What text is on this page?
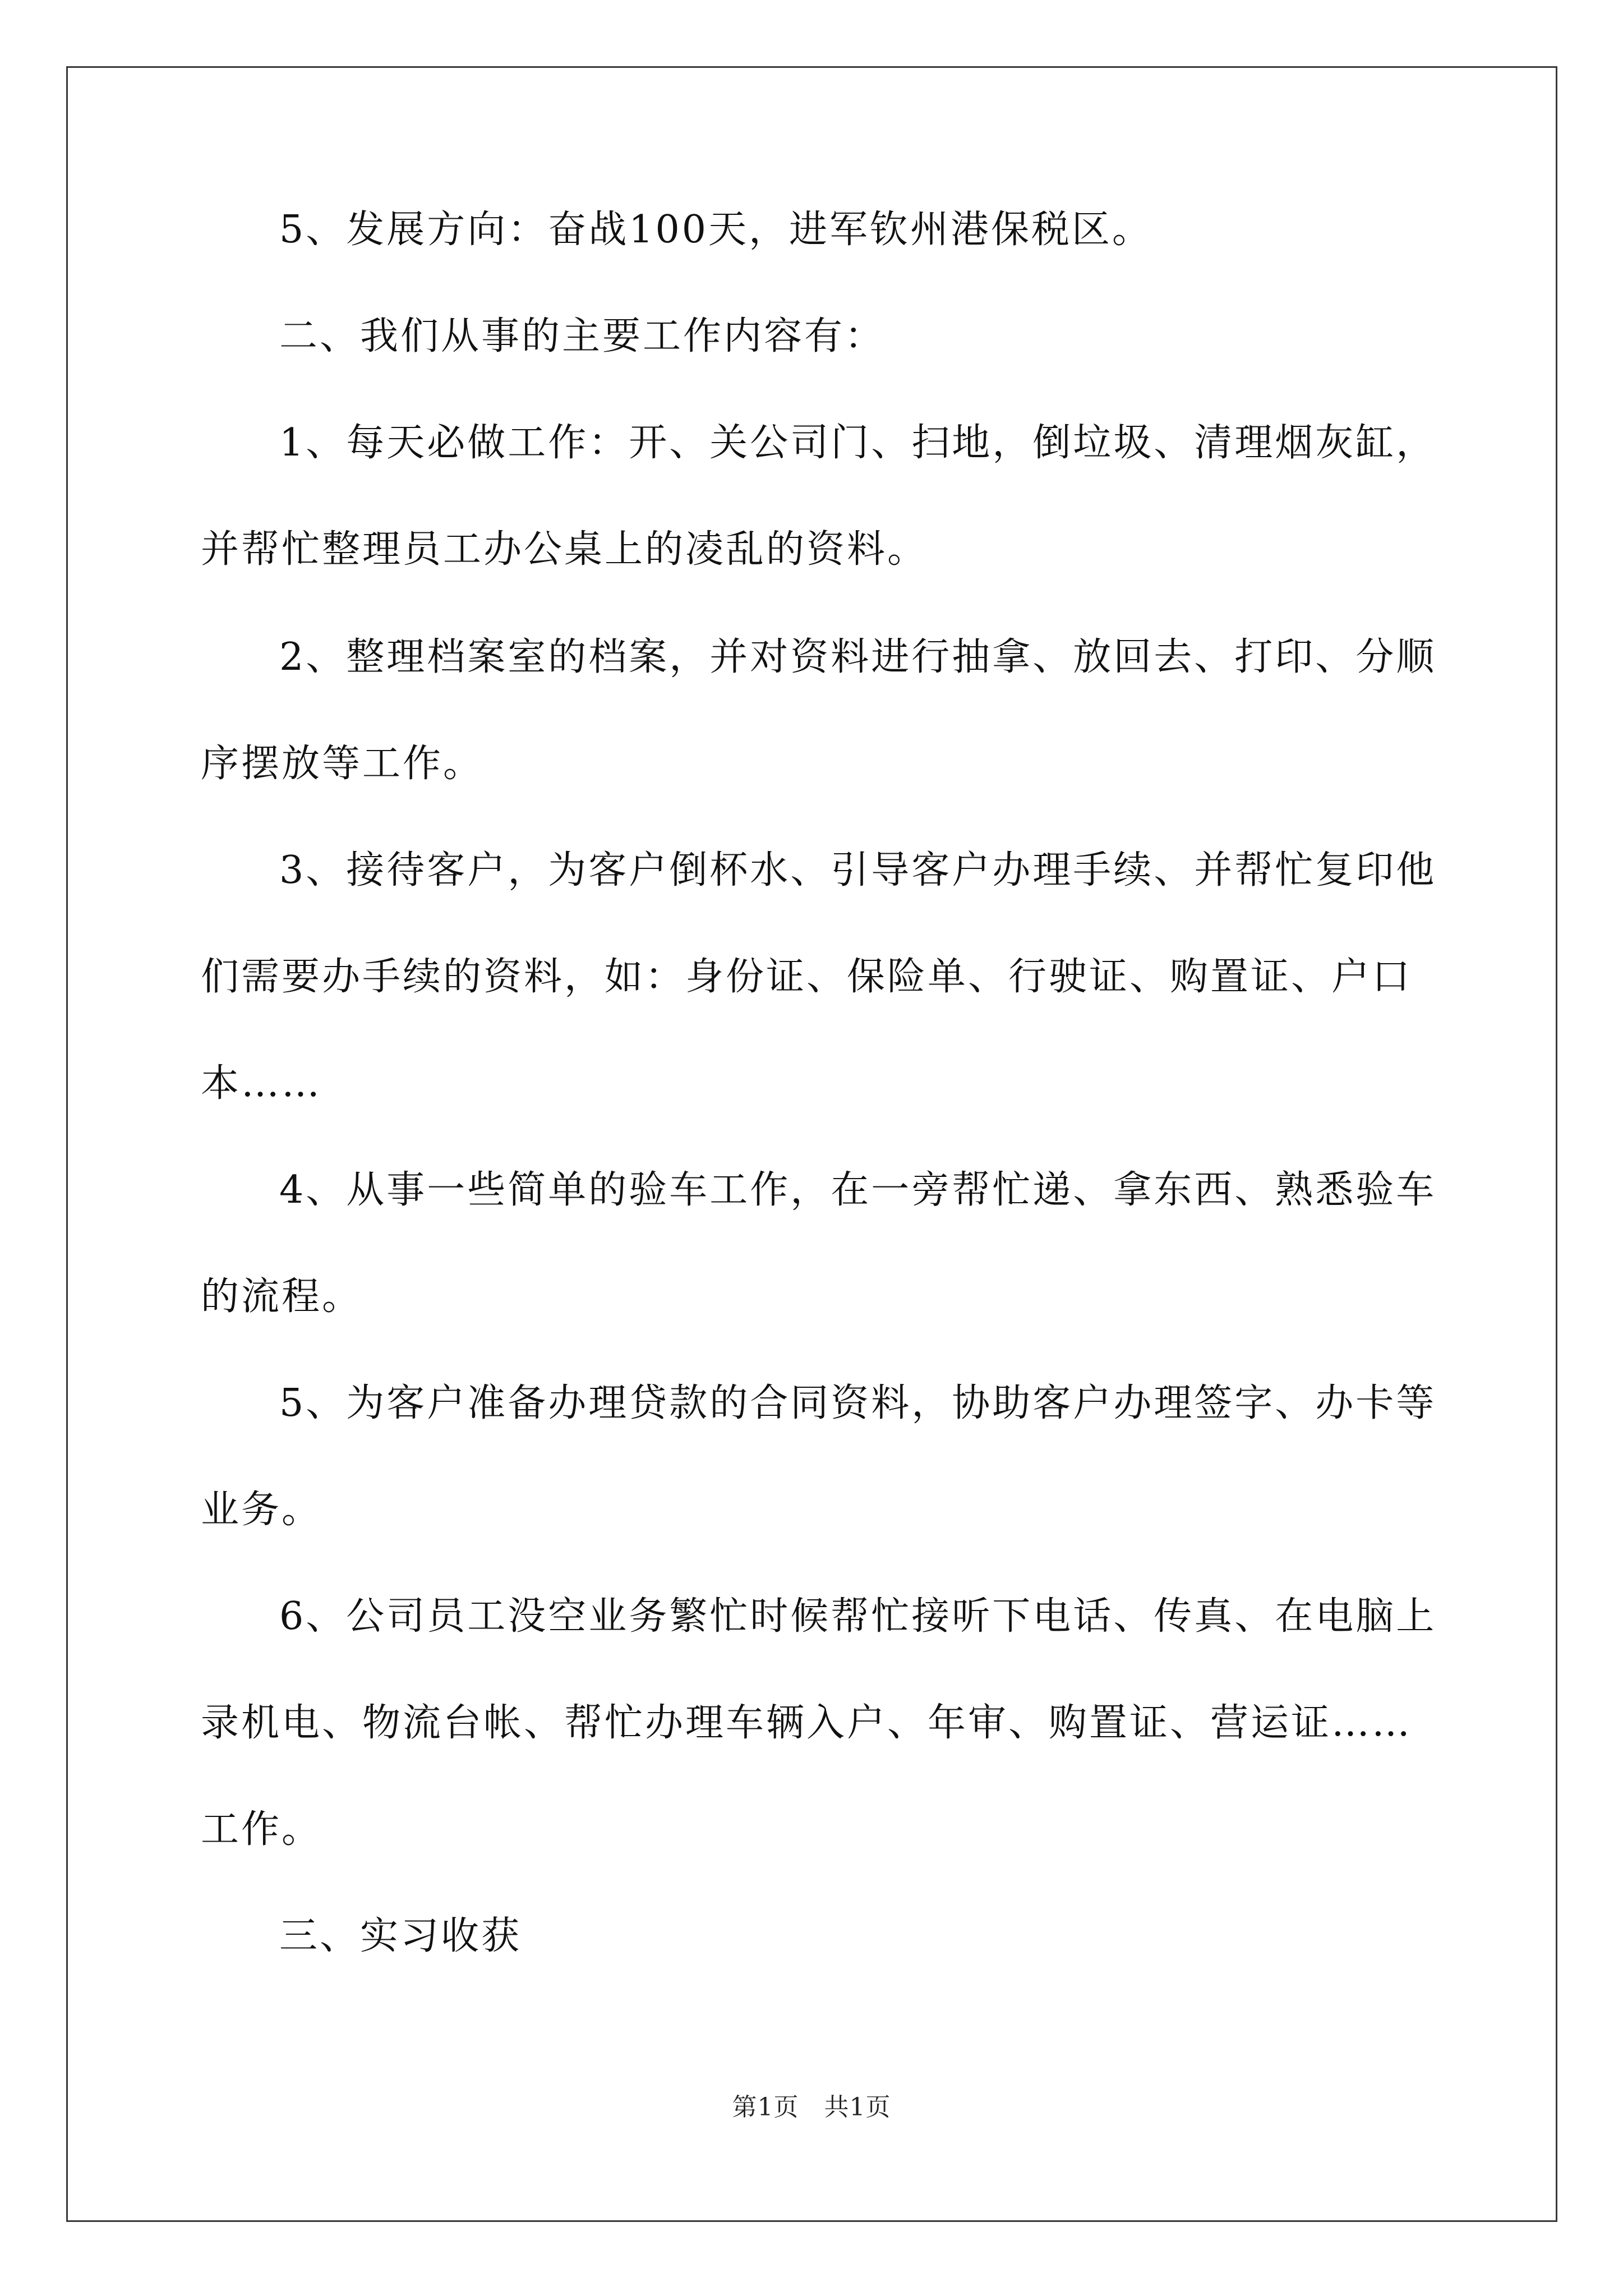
5、发展方向：奋战100天，进军钦州港保税区。
二、我们从事的主要工作内容有：
1、每天必做工作：开、关公司门、扫地，倒垃圾、清理烟灰缸，
并帮忙整理员工办公桌上的凌乱的资料。
2、整理档案室的档案，并对资料进行抽拿、放回去、打印、分顺
序摆放等工作。
3、接待客户，为客户倒杯水、引导客户办理手续、并帮忙复印他
们需要办手续的资料，如：身份证、保险单、行驶证、购置证、户口
本……
4、从事一些简单的验车工作，在一旁帮忙递、拿东西、熟悉验车
的流程。
5、为客户准备办理贷款的合同资料，协助客户办理签字、办卡等
业务。
6、公司员工没空业务繁忙时候帮忙接听下电话、传真、在电脑上
录机电、物流台帐、帮忙办理车辆入户、年审、购置证、营运证……
工作。
三、实习收获
第1页　共1页
